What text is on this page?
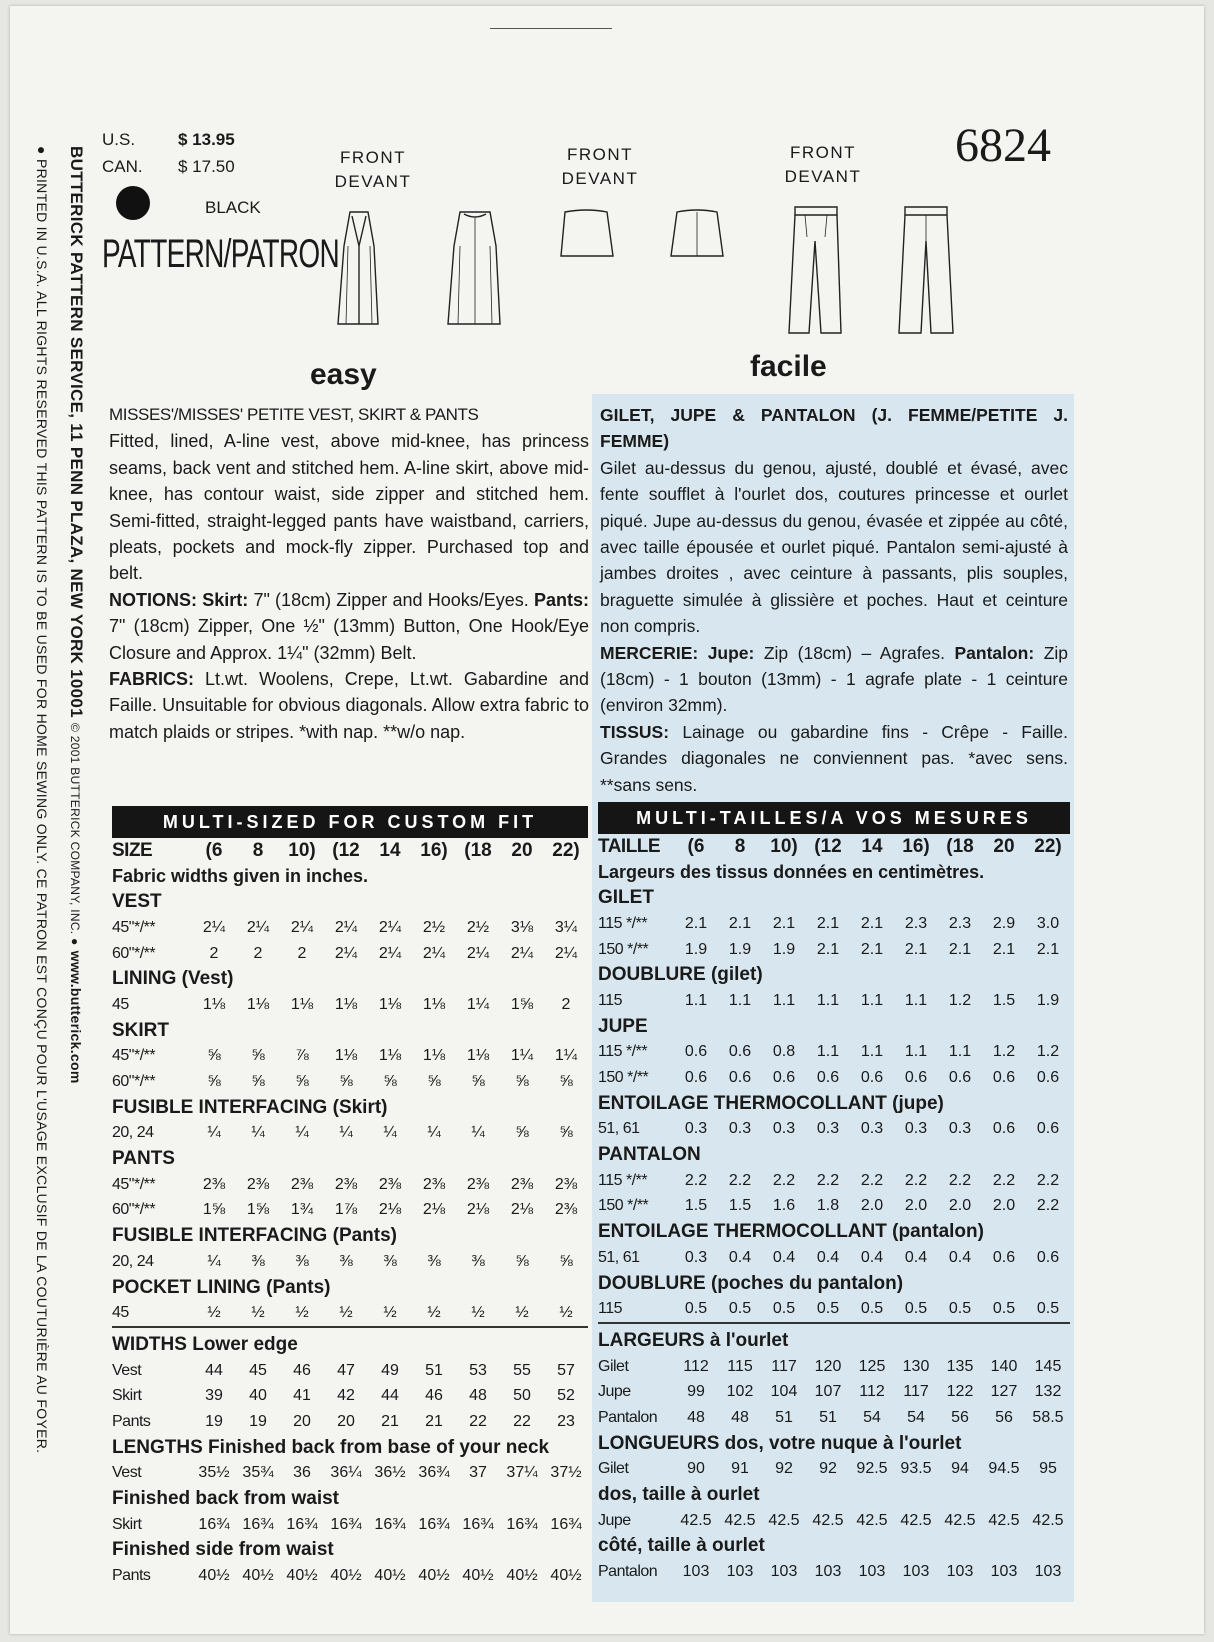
BUTTERICK PATTERN SERVICE, 11 PENN PLAZA, NEW YORK 10001 © 2001 BUTTERICK COMPANY, INC. ● www.butterick.com
● PRINTED IN U.S.A. ALL RIGHTS RESERVED THIS PATTERN IS TO BE USED FOR HOME SEWING ONLY. CE PATRON EST CONÇU POUR L'USAGE EXCLUSIF DE LA COUTURIÈRE AU FOYER.
U.S.	$ 13.95
CAN. $ 17.50
BLACK
PATTERN/PATRON
6824
FRONT
DEVANT
FRONT
DEVANT
FRONT
DEVANT
easy	facile
MISSES'/MISSES' PETITE VEST, SKIRT & PANTS
Fitted, lined, A-line vest, above mid-knee, has princess seams, back vent and stitched hem. A-line skirt, above mid-knee, has contour waist, side zipper and stitched hem. Semi-fitted, straight-legged pants have waistband, carriers, pleats, pockets and mock-fly zipper. Purchased top and belt.
NOTIONS: Skirt: 7" (18cm) Zipper and Hooks/Eyes. Pants: 7" (18cm) Zipper, One ½" (13mm) Button, One Hook/Eye Closure and Approx. 1¼" (32mm) Belt.
FABRICS: Lt.wt. Woolens, Crepe, Lt.wt. Gabardine and Faille. Unsuitable for obvious diagonals. Allow extra fabric to match plaids or stripes. *with nap. **w/o nap.
GILET, JUPE & PANTALON (J. FEMME/PETITE J. FEMME)
Gilet au-dessus du genou, ajusté, doublé et évasé, avec fente soufflet à l'ourlet dos, coutures princesse et ourlet piqué. Jupe au-dessus du genou, évasée et zippée au côté, avec taille épousée et ourlet piqué. Pantalon semi-ajusté à jambes droites , avec ceinture à passants, plis souples, braguette simulée à glissière et poches. Haut et ceinture non compris.
MERCERIE: Jupe: Zip (18cm) – Agrafes. Pantalon: Zip (18cm) - 1 bouton (13mm) - 1 agrafe plate - 1 ceinture (environ 32mm).
TISSUS: Lainage ou gabardine fins - Crêpe - Faille. Grandes diagonales ne conviennent pas. *avec sens. **sans sens.
MULTI-SIZED FOR CUSTOM FIT
SIZE	(6	8	10)	(12	14	16)	(18	20	22)
Fabric widths given in inches.									
VEST									
45"*/**	2¼	2¼	2¼	2¼	2¼	2½	2½	3⅛	3¼
60"*/**	2	2	2	2¼	2¼	2¼	2¼	2¼	2¼
LINING (Vest)									
45	1⅛	1⅛	1⅛	1⅛	1⅛	1⅛	1¼	1⅝	2
SKIRT									
45"*/**	⅝	⅝	⅞	1⅛	1⅛	1⅛	1⅛	1¼	1¼
60"*/**	⅝	⅝	⅝	⅝	⅝	⅝	⅝	⅝	⅝
FUSIBLE INTERFACING (Skirt)									
20, 24	¼	¼	¼	¼	¼	¼	¼	⅝	⅝
PANTS									
45"*/**	2⅜	2⅜	2⅜	2⅜	2⅜	2⅜	2⅜	2⅜	2⅜
60"*/**	1⅝	1⅝	1¾	1⅞	2⅛	2⅛	2⅛	2⅛	2⅜
FUSIBLE INTERFACING (Pants)									
20, 24	¼	⅜	⅜	⅜	⅜	⅜	⅜	⅝	⅝
POCKET LINING (Pants)									
45	½	½	½	½	½	½	½	½	½

WIDTHS Lower edge									
Vest	44	45	46	47	49	51	53	55	57
Skirt	39	40	41	42	44	46	48	50	52
Pants	19	19	20	20	21	21	22	22	23
LENGTHS Finished back from base of your neck									
Vest	35½	35¾	36	36¼	36½	36¾	37	37¼	37½
Finished back from waist									
Skirt	16¾	16¾	16¾	16¾	16¾	16¾	16¾	16¾	16¾
Finished side from waist									
Pants	40½	40½	40½	40½	40½	40½	40½	40½	40½
MULTI-TAILLES/A VOS MESURES
TAILLE	(6	8	10)	(12	14	16)	(18	20	22)
Largeurs des tissus données en centimètres.									
GILET									
115 */**	2.1	2.1	2.1	2.1	2.1	2.3	2.3	2.9	3.0
150 */**	1.9	1.9	1.9	2.1	2.1	2.1	2.1	2.1	2.1
DOUBLURE (gilet)									
115	1.1	1.1	1.1	1.1	1.1	1.1	1.2	1.5	1.9
JUPE									
115 */**	0.6	0.6	0.8	1.1	1.1	1.1	1.1	1.2	1.2
150 */**	0.6	0.6	0.6	0.6	0.6	0.6	0.6	0.6	0.6
ENTOILAGE THERMOCOLLANT (jupe)									
51, 61	0.3	0.3	0.3	0.3	0.3	0.3	0.3	0.6	0.6
PANTALON									
115 */**	2.2	2.2	2.2	2.2	2.2	2.2	2.2	2.2	2.2
150 */**	1.5	1.5	1.6	1.8	2.0	2.0	2.0	2.0	2.2
ENTOILAGE THERMOCOLLANT (pantalon)									
51, 61	0.3	0.4	0.4	0.4	0.4	0.4	0.4	0.6	0.6
DOUBLURE (poches du pantalon)									
115	0.5	0.5	0.5	0.5	0.5	0.5	0.5	0.5	0.5

LARGEURS à l'ourlet									
Gilet	112	115	117	120	125	130	135	140	145
Jupe	99	102	104	107	112	117	122	127	132
Pantalon	48	48	51	51	54	54	56	56	58.5
LONGUEURS dos, votre nuque à l'ourlet									
Gilet	90	91	92	92	92.5	93.5	94	94.5	95
dos, taille à ourlet									
Jupe	42.5	42.5	42.5	42.5	42.5	42.5	42.5	42.5	42.5
côté, taille à ourlet									
Pantalon	103	103	103	103	103	103	103	103	103
